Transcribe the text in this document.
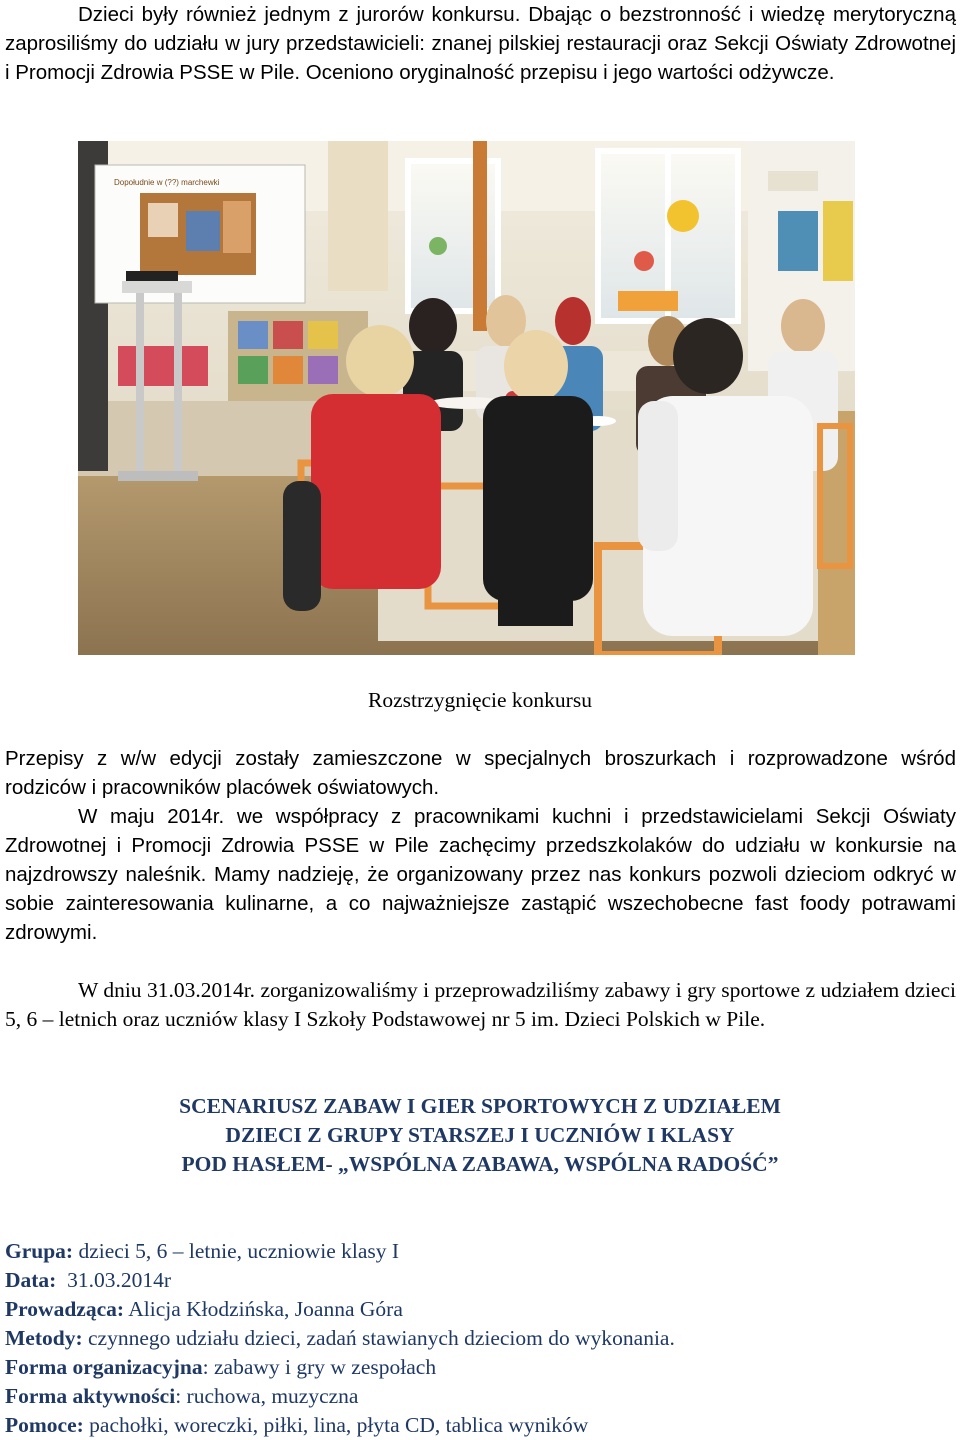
Dzieci były również jednym z jurorów konkursu. Dbając o bezstronność i wiedzę merytoryczną zaprosiliśmy do udziału w jury przedstawicieli: znanej pilskiej restauracji oraz Sekcji Oświaty Zdrowotnej i Promocji Zdrowia PSSE w Pile. Oceniono oryginalność przepisu i jego wartości odżywcze.

Dopołudnie w (??) marchewki

Rozstrzygnięcie konkursu

Przepisy z w/w edycji zostały zamieszczone w specjalnych broszurkach i rozprowadzone wśród rodziców i pracowników placówek oświatowych.

W maju 2014r. we współpracy z pracownikami kuchni i przedstawicielami Sekcji Oświaty Zdrowotnej i Promocji Zdrowia PSSE w Pile zachęcimy przedszkolaków do udziału w konkursie na najzdrowszy naleśnik. Mamy nadzieję, że organizowany przez nas konkurs pozwoli dzieciom odkryć w sobie zainteresowania kulinarne, a co najważniejsze zastąpić wszechobecne fast foody potrawami zdrowymi.

W dniu 31.03.2014r. zorganizowaliśmy i przeprowadziliśmy zabawy i gry sportowe z udziałem dzieci 5, 6 – letnich oraz uczniów klasy I Szkoły Podstawowej nr 5 im. Dzieci Polskich w Pile.

SCENARIUSZ ZABAW I GIER SPORTOWYCH Z UDZIAŁEM
DZIECI Z GRUPY STARSZEJ I UCZNIÓW I KLASY
POD HASŁEM- „WSPÓLNA ZABAWA, WSPÓLNA RADOŚĆ”
Grupa: dzieci 5, 6 – letnie, uczniowie klasy I
Data:  31.03.2014r
Prowadząca: Alicja Kłodzińska, Joanna Góra
Metody: czynnego udziału dzieci, zadań stawianych dzieciom do wykonania.
Forma organizacyjna: zabawy i gry w zespołach
Forma aktywności: ruchowa, muzyczna
Pomoce: pachołki, woreczki, piłki, lina, płyta CD, tablica wyników
